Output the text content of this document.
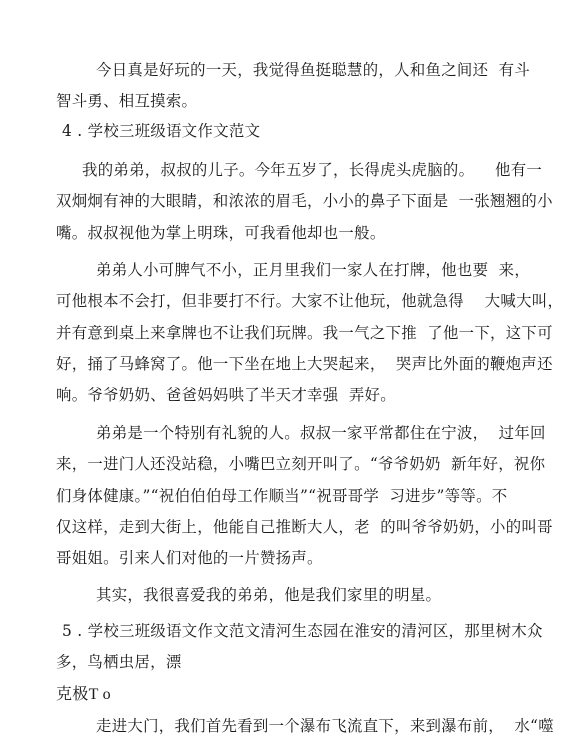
今日真是好玩的一天，我觉得鱼挺聪慧的，人和鱼之间还  有斗
智斗勇、相互摸索。
4 . 学校三班级语文作文范文
我的弟弟，叔叔的儿子。今年五岁了，长得虎头虎脑的。    他有一
双炯炯有神的大眼睛，和浓浓的眉毛，小小的鼻子下面是  一张翘翘的小
嘴。叔叔视他为掌上明珠，可我看他却也一般。
弟弟人小可脾气不小，正月里我们一家人在打牌，他也要  来，
可他根本不会打，但非要打不行。大家不让他玩，他就急得    大喊大叫，
并有意到桌上来拿牌也不让我们玩牌。我一气之下推  了他一下，这下可
好，捅了马蜂窝了。他一下坐在地上大哭起来，  哭声比外面的鞭炮声还
响。爷爷奶奶、爸爸妈妈哄了半天才幸强  弄好。
弟弟是一个特别有礼貌的人。叔叔一家平常都住在宁波，  过年回
来，一进门人还没站稳，小嘴巴立刻开叫了。“爷爷奶奶  新年好，祝你
们身体健康。”“祝伯伯伯母工作顺当”“祝哥哥学  习进步”等等。不
仅这样，走到大街上，他能自己推断大人，老  的叫爷爷奶奶，小的叫哥
哥姐姐。引来人们对他的一片赞扬声。
其实，我很喜爱我的弟弟，他是我们家里的明星。
5 . 学校三班级语文作文范文清河生态园在淮安的清河区，那里树木众
多，鸟栖虫居，漂
克极T o
走进大门，我们首先看到一个瀑布飞流直下，来到瀑布前，  水“噬
